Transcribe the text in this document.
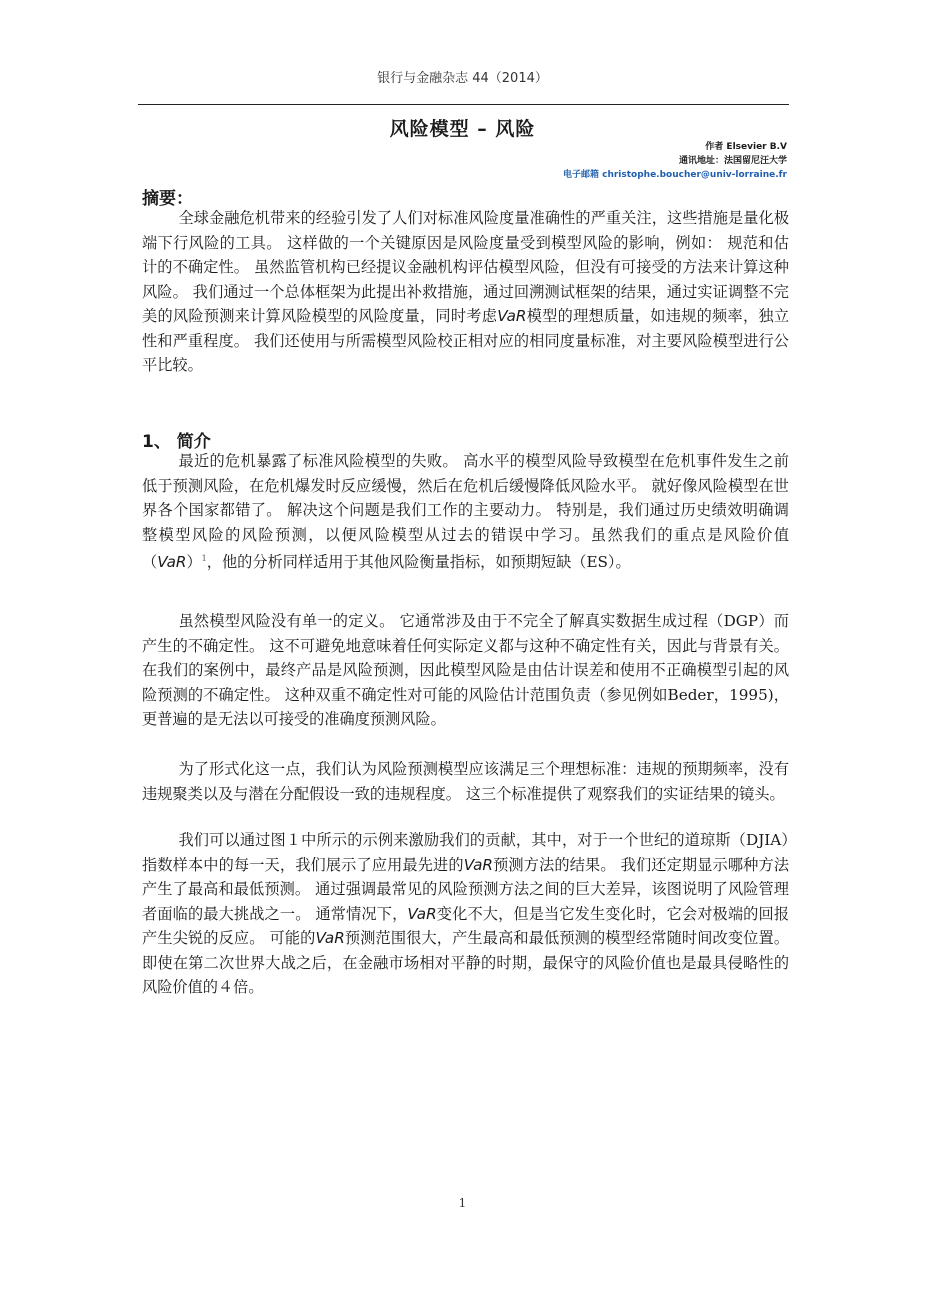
银行与金融杂志 44（2014）
风险模型 – 风险
作者 Elsevier B.V
通讯地址：法国留尼汪大学
电子邮箱 christophe.boucher@univ-lorraine.fr
摘要：

全球金融危机带来的经验引发了人们对标准风险度量准确性的严重关注，这些措施是量化极端下行风险的工具。 这样做的一个关键原因是风险度量受到模型风险的影响，例如： 规范和估计的不确定性。 虽然监管机构已经提议金融机构评估模型风险，但没有可接受的方法来计算这种风险。 我们通过一个总体框架为此提出补救措施，通过回溯测试框架的结果，通过实证调整不完美的风险预测来计算风险模型的风险度量，同时考虑VaR模型的理想质量，如违规的频率，独立性和严重程度。 我们还使用与所需模型风险校正相对应的相同度量标准，对主要风险模型进行公平比较。

1、 简介

最近的危机暴露了标准风险模型的失败。 高水平的模型风险导致模型在危机事件发生之前低于预测风险，在危机爆发时反应缓慢，然后在危机后缓慢降低风险水平。 就好像风险模型在世界各个国家都错了。 解决这个问题是我们工作的主要动力。 特别是，我们通过历史绩效明确调整模型风险的风险预测，以便风险模型从过去的错误中学习。虽然我们的重点是风险价值（VaR）$^1$，他的分析同样适用于其他风险衡量指标，如预期短缺（ES）。

虽然模型风险没有单一的定义。 它通常涉及由于不完全了解真实数据生成过程（DGP）而产生的不确定性。 这不可避免地意味着任何实际定义都与这种不确定性有关，因此与背景有关。 在我们的案例中，最终产品是风险预测，因此模型风险是由估计误差和使用不正确模型引起的风险预测的不确定性。 这种双重不确定性对可能的风险估计范围负责（参见例如Beder，1995)，更普遍的是无法以可接受的准确度预测风险。

为了形式化这一点，我们认为风险预测模型应该满足三个理想标准：违规的预期频率，没有违规聚类以及与潜在分配假设一致的违规程度。 这三个标准提供了观察我们的实证结果的镜头。

我们可以通过图１中所示的示例来激励我们的贡献，其中，对于一个世纪的道琼斯（DJIA）指数样本中的每一天，我们展示了应用最先进的VaR预测方法的结果。 我们还定期显示哪种方法产生了最高和最低预测。 通过强调最常见的风险预测方法之间的巨大差异，该图说明了风险管理者面临的最大挑战之一。 通常情况下，VaR变化不大，但是当它发生变化时，它会对极端的回报产生尖锐的反应。 可能的VaR预测范围很大，产生最高和最低预测的模型经常随时间改变位置。 即使在第二次世界大战之后，在金融市场相对平静的时期，最保守的风险价值也是最具侵略性的风险价值的４倍。

1
